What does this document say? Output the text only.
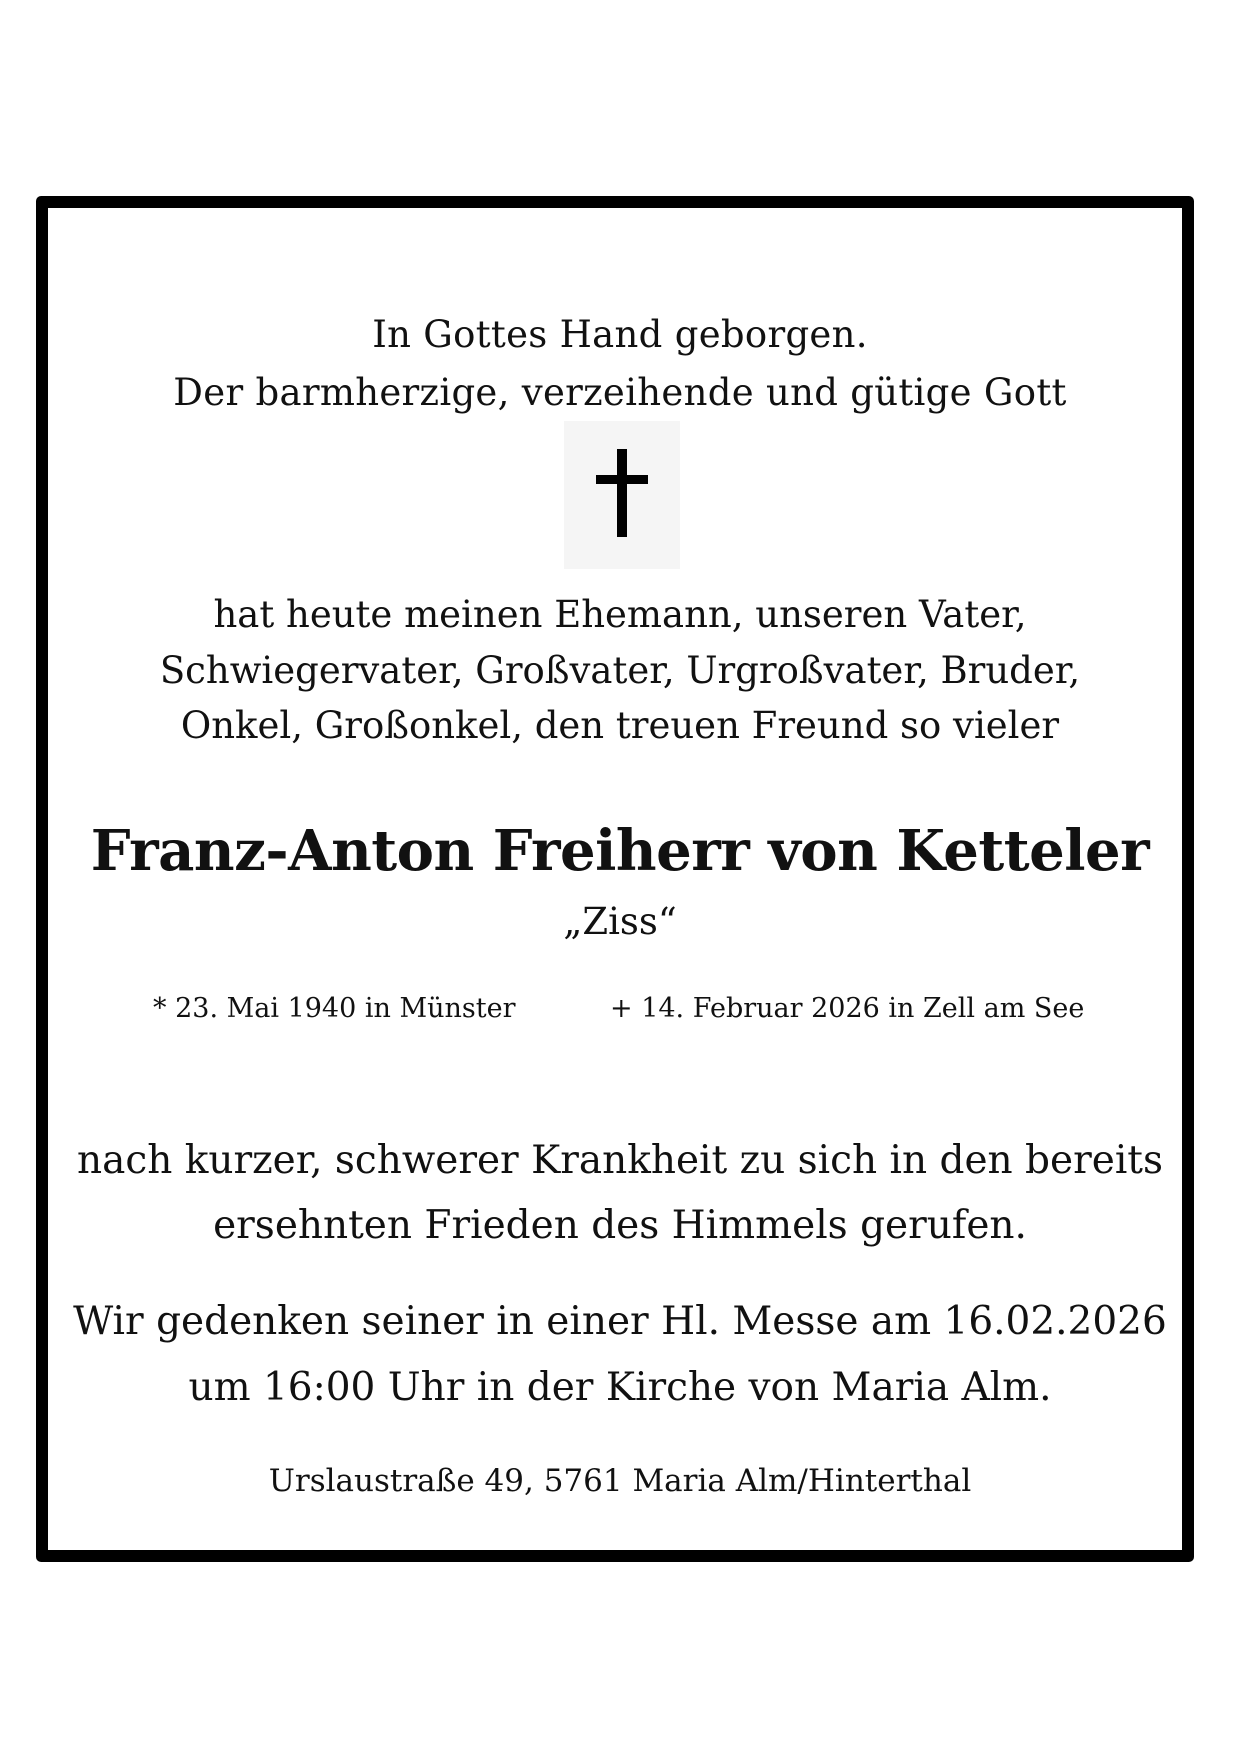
In Gottes Hand geborgen.
Der barmherzige, verzeihende und gütige Gott
hat heute meinen Ehemann, unseren Vater,
Schwiegervater, Großvater, Urgroßvater, Bruder,
Onkel, Großonkel, den treuen Freund so vieler
Franz-Anton Freiherr von Ketteler
„Ziss“
* 23. Mai 1940 in Münster	+ 14. Februar 2026 in Zell am See
nach kurzer, schwerer Krankheit zu sich in den bereits
ersehnten Frieden des Himmels gerufen.
Wir gedenken seiner in einer Hl. Messe am 16.02.2026
um 16:00 Uhr in der Kirche von Maria Alm.
Urslaustraße 49, 5761 Maria Alm/Hinterthal
